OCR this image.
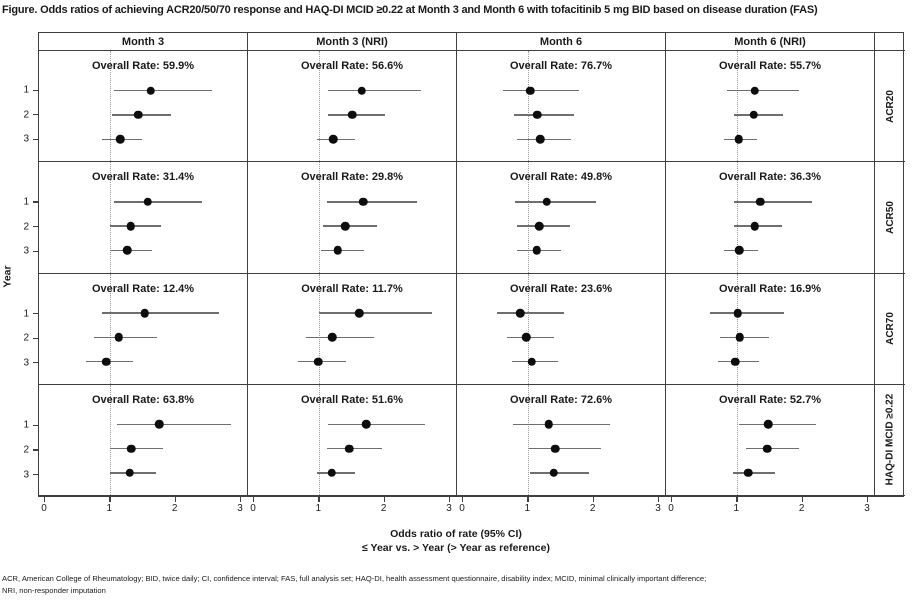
Figure. Odds ratios of achieving ACR20/50/70 response and HAQ-DI MCID ≥0.22 at Month 3 and Month 6 with tofacitinib 5 mg BID based on disease duration (FAS)
Month 3	Month 3 (NRI)	Month 6	Month 6 (NRI)
Overall Rate: 59.9%	Overall Rate: 56.6%	Overall Rate: 76.7%	Overall Rate: 55.7%
ACR20
Overall Rate: 31.4%	Overall Rate: 29.8%	Overall Rate: 49.8%	Overall Rate: 36.3%
ACR50
Overall Rate: 12.4%	Overall Rate: 11.7%	Overall Rate: 23.6%	Overall Rate: 16.9%
ACR70
Overall Rate: 63.8%	Overall Rate: 51.6%	Overall Rate: 72.6%	Overall Rate: 52.7%	HAQ-DI MCID ≥0.22
1
2
3
1
2
3
1
2
3
1
2
3
Year
0	1	2	3 0	1	2	3 0	1	2	3 0	1	2	3
Odds ratio of rate (95% CI)
≤ Year vs. > Year (> Year as reference)
ACR, American College of Rheumatology; BID, twice daily; CI, confidence interval; FAS, full analysis set; HAQ-DI, health assessment questionnaire, disability index; MCID, minimal clinically important difference;
NRI, non-responder imputation
